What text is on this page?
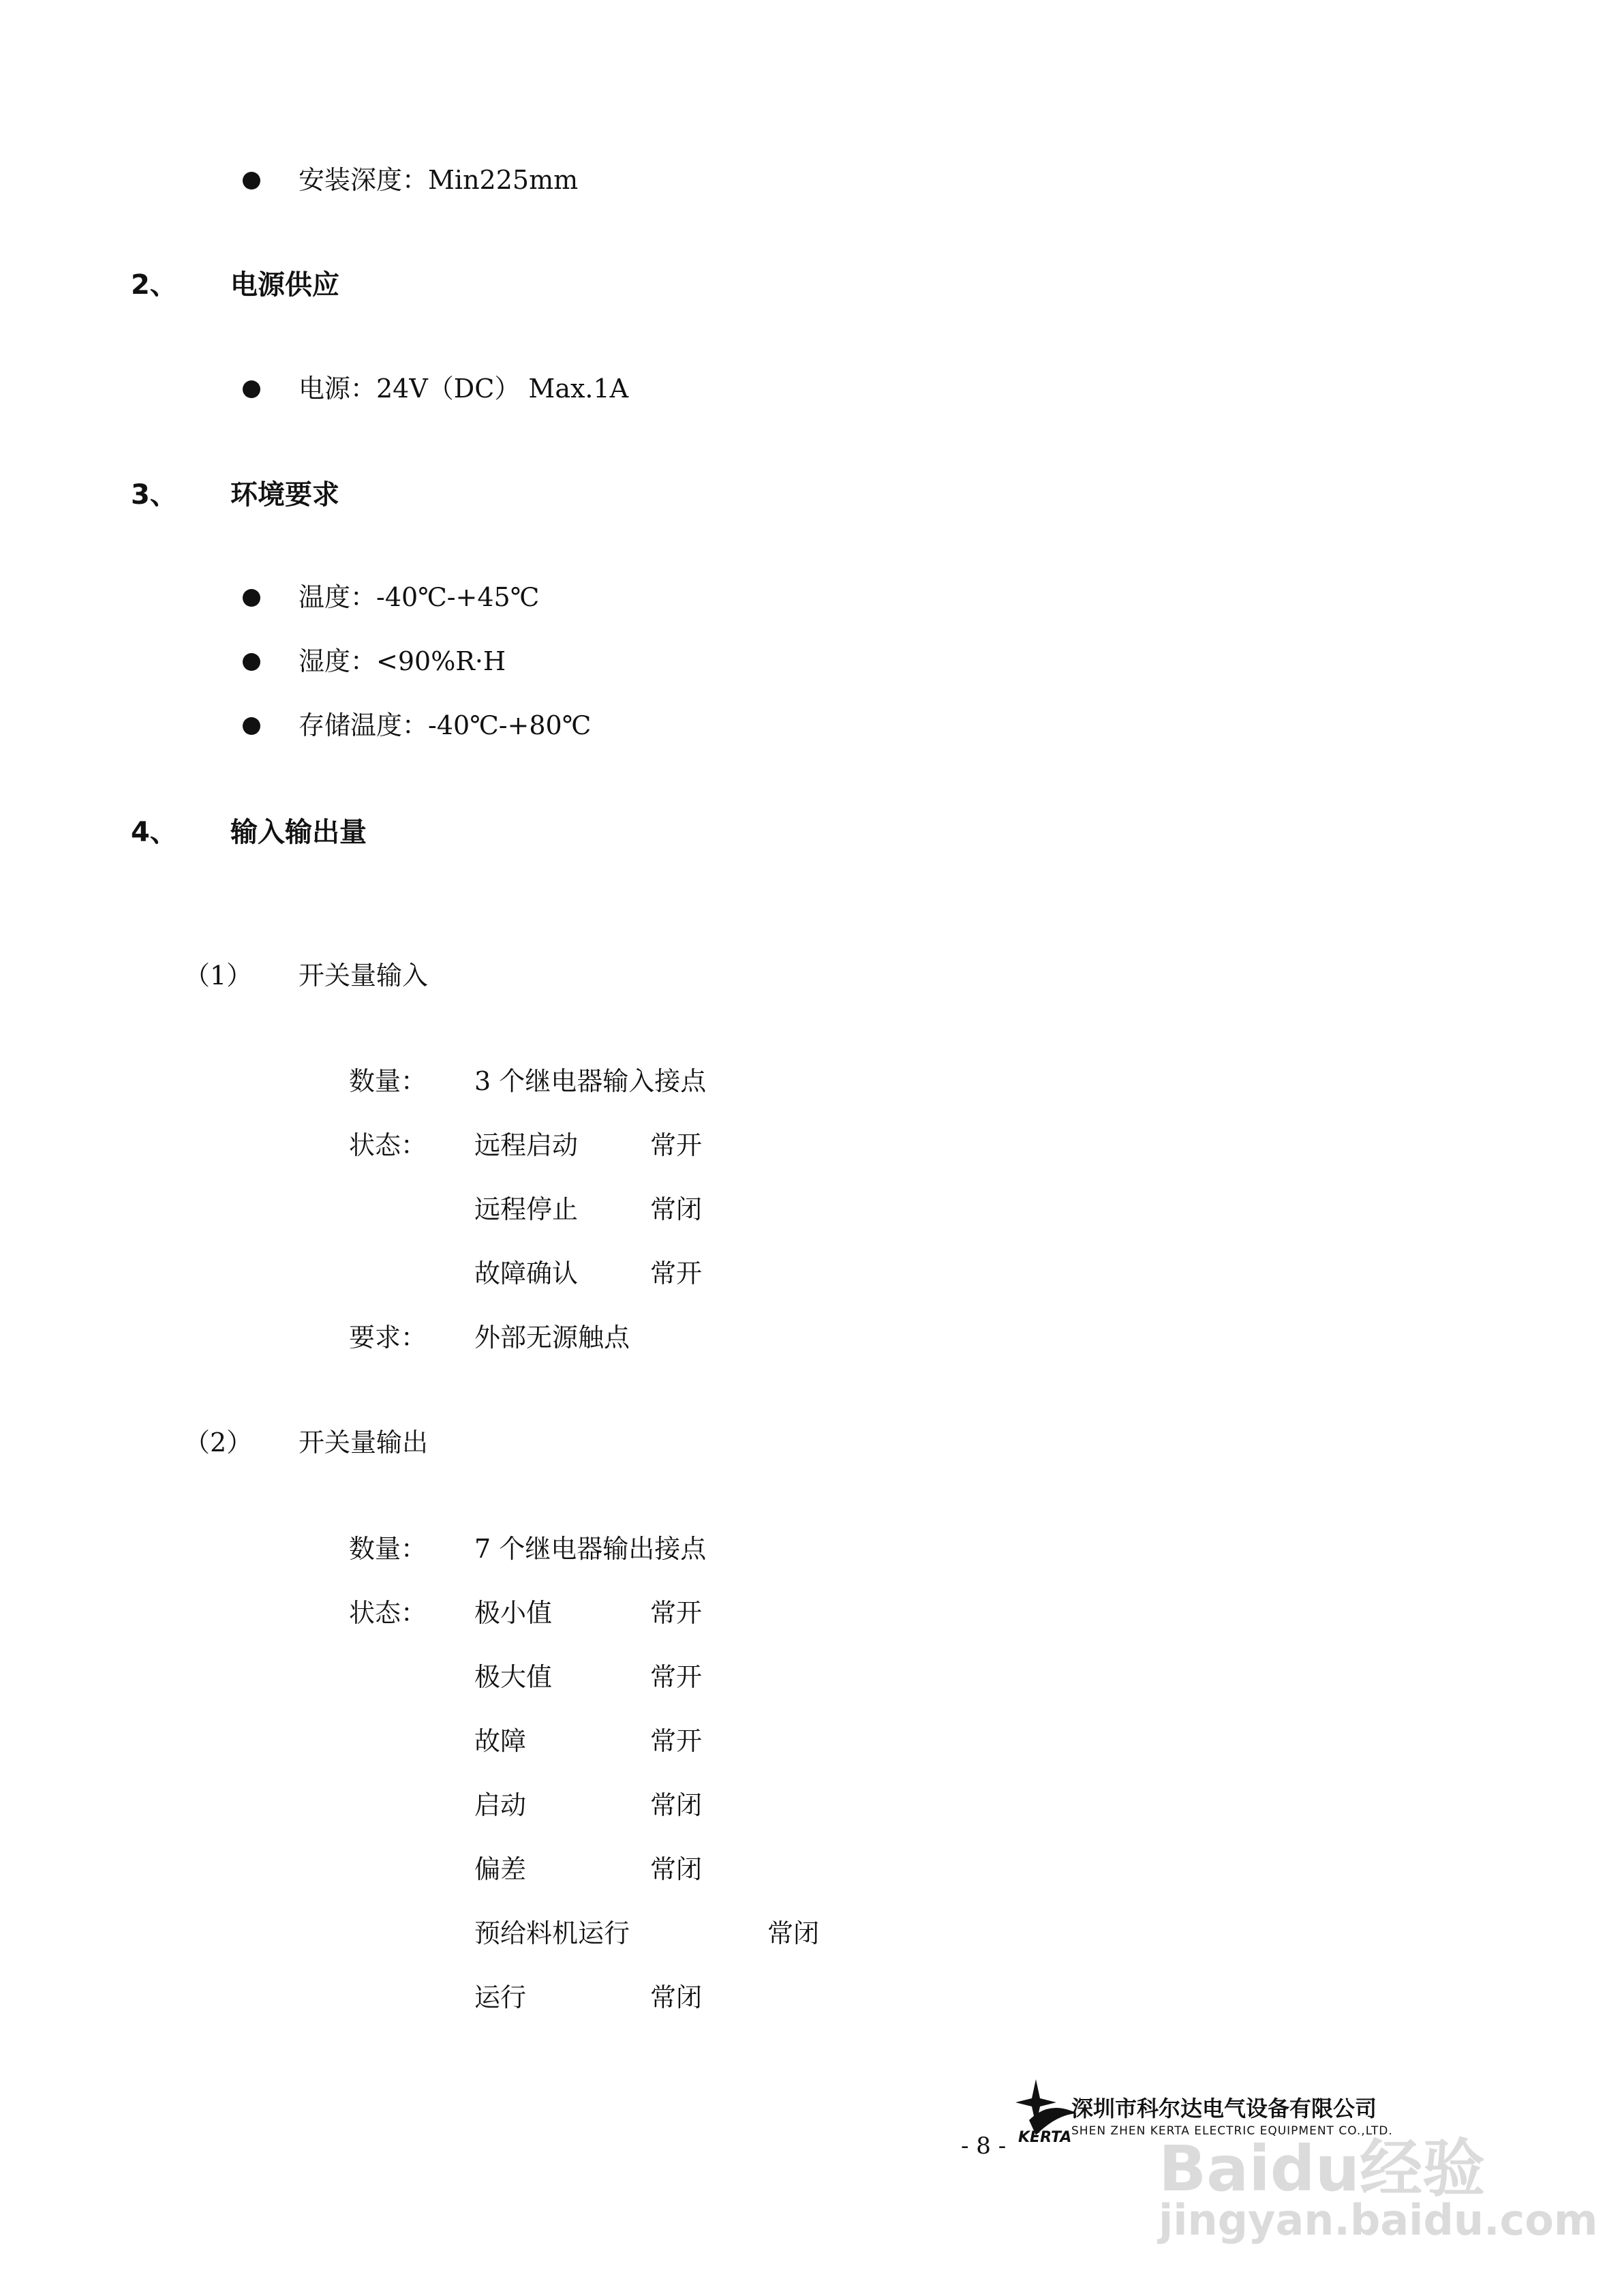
安装深度：Min225mm
2、 电源供应
电源：24V（DC） Max.1A
3、 环境要求
温度：-40℃-+45℃
湿度：<90%R·H
存储温度：-40℃-+80℃
4、 输入输出量
（1） 开关量输入
数量： 3 个继电器输入接点
状态： 远程启动	常开
远程停止	常闭
故障确认	常开
要求： 外部无源触点
（2） 开关量输出
数量： 7 个继电器输出接点
状态： 极小值	常开
极大值	常开
故障	常开
启动	常闭
偏差	常闭
预给料机运行	常闭
运行	常闭
- 8 - KERTA
深圳市科尔达电气设备有限公司
SHEN ZHEN KERTA ELECTRIC EQUIPMENT CO.,LTD.
Baidu经验
jingyan.baidu.com
